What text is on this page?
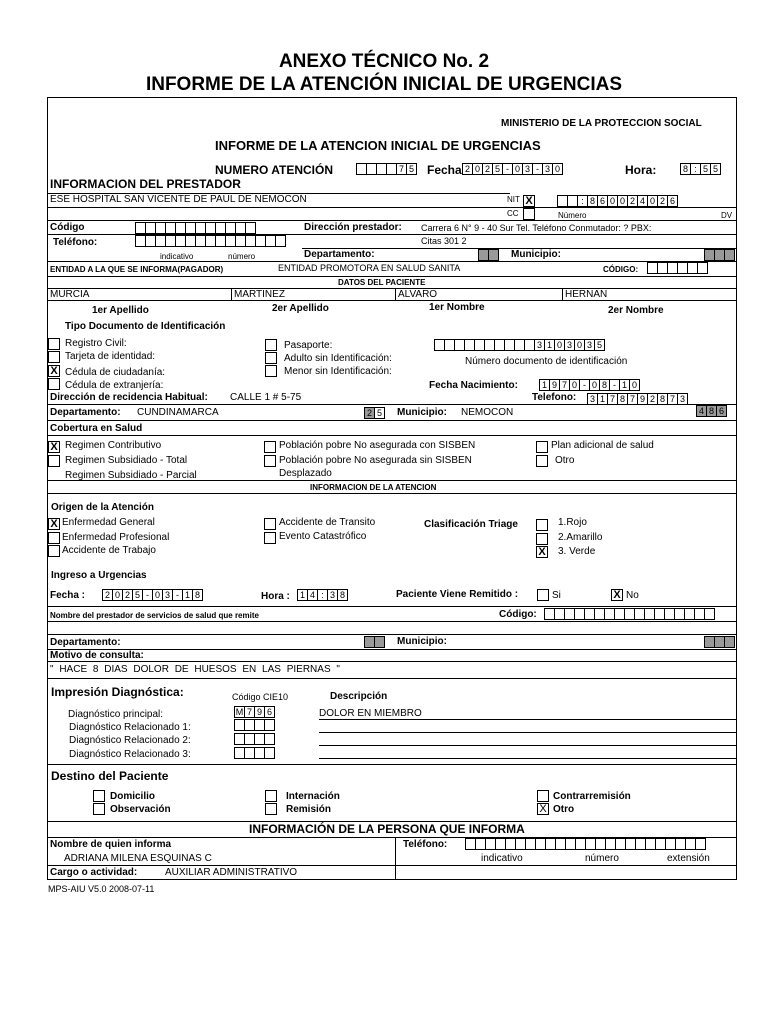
ANEXO TÉCNICO No. 2
INFORME DE LA ATENCIÓN INICIAL DE URGENCIAS
MINISTERIO DE LA PROTECCION SOCIAL
INFORME DE LA ATENCION INICIAL DE URGENCIAS
NUMERO ATENCIÓN	7 5 Fecha 2 0 2 5 - 0 3 - 3 0	Hora:	8 : 5 5
INFORMACION DEL PRESTADOR
ESE HOSPITAL SAN VICENTE DE PAUL DE NEMOCON	NIT X
CC
: 8 6 0 0 2 4 0 2 6
Número	DV
Código	Dirección prestador: Carrera 6 N° 9 - 40 Sur Tel. Teléfono Conmutador: ? PBX:
Teléfono:	Citas 301 2
indicativo	número	Departamento:	Municipio:
ENTIDAD A LA QUE SE INFORMA(PAGADOR)	ENTIDAD PROMOTORA EN SALUD SANITA	CÓDIGO:
DATOS DEL PACIENTE
MURCIA	MARTINEZ	ALVARO	HERNAN
1er Apellido	2er Apellido	1er Nombre	2er Nombre
Tipo Documento de Identificación
Registro Civil:
Tarjeta de identidad:
X Cédula de ciudadanía:
Cédula de extranjería:
Pasaporte:
Adulto sin Identificación:
Menor sin Identificación:
3 1 0 3 0 3 5
Número documento de identificación
Fecha Nacimiento:	1 9 7 0 - 0 8 - 1 0
Dirección de recidencia Habitual: CALLE 1 # 5-75	Telefono:	3 1 7 8 7 9 2 8 7 3
Departamento: CUNDINAMARCA	2 5	Municipio: NEMOCON	4 8 6
Cobertura en Salud
X Regimen Contributivo
Regimen Subsidiado - Total
Regimen Subsidiado - Parcial
Población pobre No asegurada con SISBEN
Población pobre No asegurada sin SISBEN
Desplazado
Plan adicional de salud
Otro
INFORMACION DE LA ATENCION
Origen de la Atención
X Enfermedad General
Enfermedad Profesional
Accidente de Trabajo
Accidente de Transito
Evento Catastrófico
Clasificación Triage	1.Rojo
2.Amarillo
X 3. Verde
Ingreso a Urgencias
Fecha :	2 0 2 5 - 0 3 - 1 8	Hora :	1 4 : 3 8	Paciente Viene Remitido :	Si	X No
Nombre del prestador de servicios de salud que remite	Código:
Departamento:	Municipio:
Motivo de consulta:
" HACE 8 DIAS DOLOR DE HUESOS EN LAS PIERNAS "
Impresión Diagnóstica:	Código CIE10	Descripción
Diagnóstico principal:	M 7 9 6	DOLOR EN MIEMBRO
Diagnóstico Relacionado 1:
Diagnóstico Relacionado 2:
Diagnóstico Relacionado 3:
Destino del Paciente
Domicilio
Observación
Internación
Remisión
Contrarremisión
X Otro
INFORMACIÓN DE LA PERSONA QUE INFORMA
Nombre de quien informa
ADRIANA MILENA ESQUINAS C
Teléfono:
indicativo	número	extensión
Cargo o actividad:	AUXILIAR ADMINISTRATIVO
MPS-AIU V5.0 2008-07-11
